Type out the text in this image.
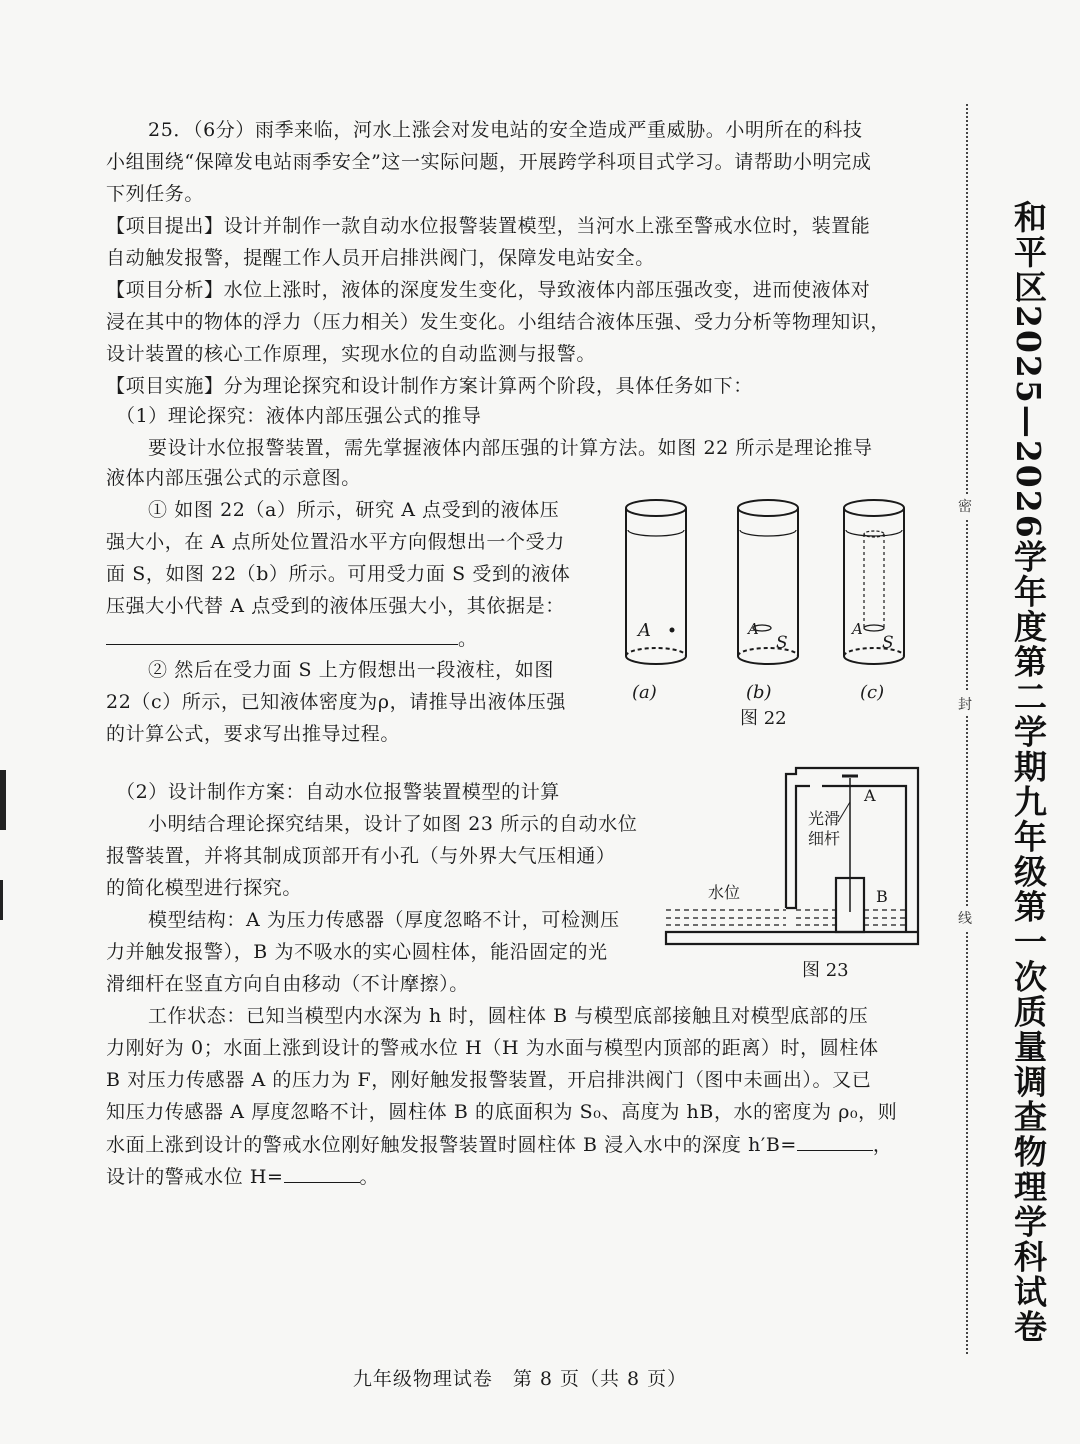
25．（6分）雨季来临，河水上涨会对发电站的安全造成严重威胁。小明所在的科技
小组围绕“保障发电站雨季安全”这一实际问题，开展跨学科项目式学习。请帮助小明完成
下列任务。
【项目提出】设计并制作一款自动水位报警装置模型，当河水上涨至警戒水位时，装置能
自动触发报警，提醒工作人员开启排洪阀门，保障发电站安全。
【项目分析】水位上涨时，液体的深度发生变化，导致液体内部压强改变，进而使液体对
浸在其中的物体的浮力（压力相关）发生变化。小组结合液体压强、受力分析等物理知识，
设计装置的核心工作原理，实现水位的自动监测与报警。
【项目实施】分为理论探究和设计制作方案计算两个阶段，具体任务如下：
（1）理论探究：液体内部压强公式的推导
要设计水位报警装置，需先掌握液体内部压强的计算方法。如图 22 所示是理论推导
液体内部压强公式的示意图。
① 如图 22（a）所示，研究 A 点受到的液体压
强大小，在 A 点所处位置沿水平方向假想出一个受力
面 S，如图 22（b）所示。可用受力面 S 受到的液体
压强大小代替 A 点受到的液体压强大小，其依据是：
。
② 然后在受力面 S 上方假想出一段液柱，如图
22（c）所示，已知液体密度为ρ，请推导出液体压强
的计算公式，要求写出推导过程。
（2）设计制作方案：自动水位报警装置模型的计算
小明结合理论探究结果，设计了如图 23 所示的自动水位
报警装置，并将其制成顶部开有小孔（与外界大气压相通）
的简化模型进行探究。
模型结构：A 为压力传感器（厚度忽略不计，可检测压
力并触发报警），B 为不吸水的实心圆柱体，能沿固定的光
滑细杆在竖直方向自由移动（不计摩擦）。
工作状态：已知当模型内水深为 h 时，圆柱体 B 与模型底部接触且对模型底部的压
力刚好为 0；水面上涨到设计的警戒水位 H（H 为水面与模型内顶部的距离）时，圆柱体
B 对压力传感器 A 的压力为 F，刚好触发报警装置，开启排洪阀门（图中未画出）。又已
知压力传感器 A 厚度忽略不计，圆柱体 B 的底面积为 S₀、高度为 hB，水的密度为 ρ₀，则
水面上涨到设计的警戒水位刚好触发报警装置时圆柱体 B 浸入水中的深度 h′B=	，
设计的警戒水位 H=	。
A	A
S
A
S
(a)	(b)	(c)
图 22
A
B
光滑
细杆
水位
图 23
密
封
线 和平区2025—2026学年度第二学期九年级第一次质量调查物理学科试卷
九年级物理试卷　第 8 页（共 8 页）
